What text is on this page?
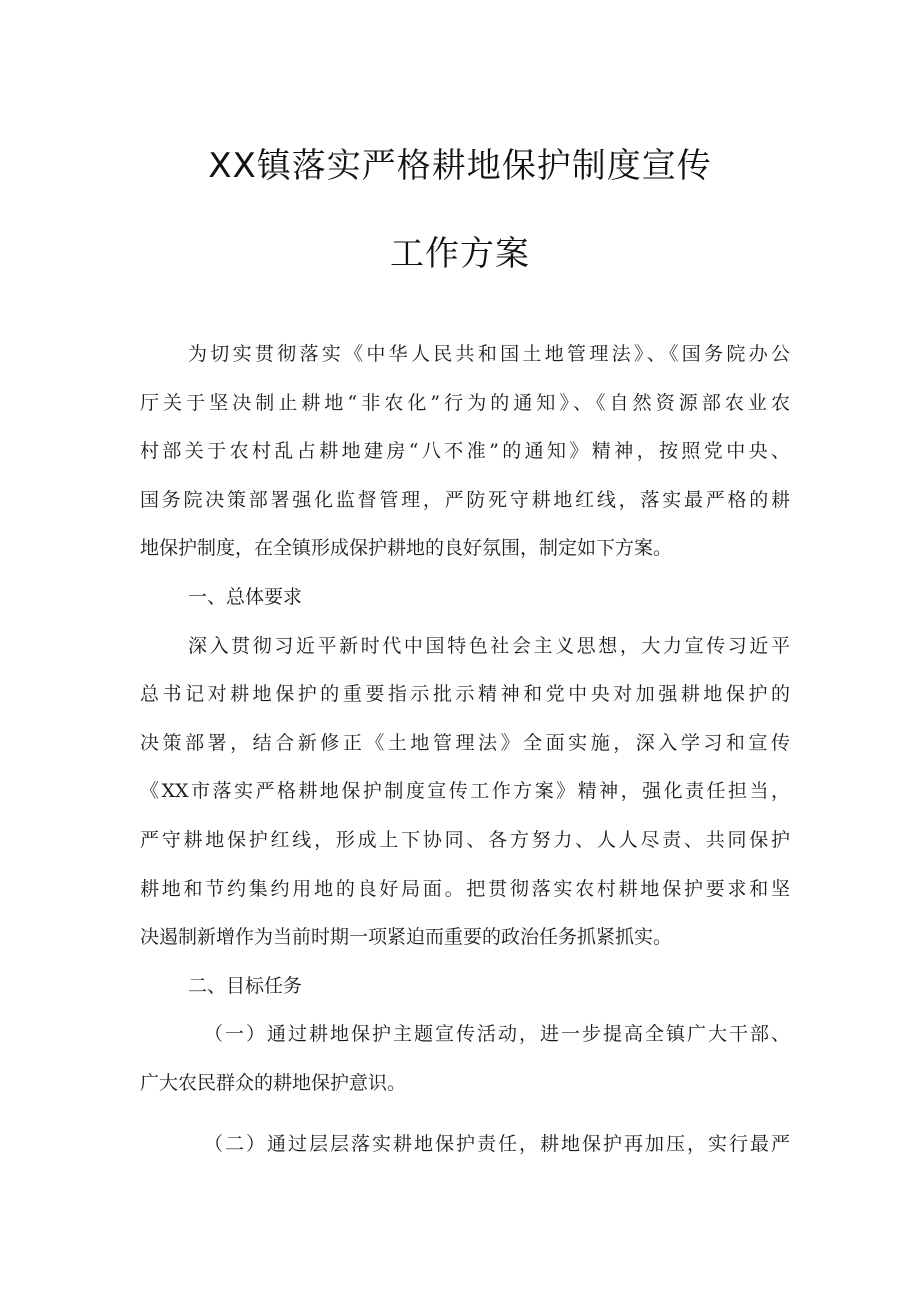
XX镇落实严格耕地保护制度宣传
工作方案
为切实贯彻落实《中华人民共和国土地管理法》、《国务院办公
厅关于坚决制止耕地“非农化”行为的通知》、《自然资源部农业农
村部关于农村乱占耕地建房“八不准”的通知》精神，按照党中央、
国务院决策部署强化监督管理，严防死守耕地红线，落实最严格的耕
地保护制度，在全镇形成保护耕地的良好氛围，制定如下方案。
一、总体要求
深入贯彻习近平新时代中国特色社会主义思想，大力宣传习近平
总书记对耕地保护的重要指示批示精神和党中央对加强耕地保护的
决策部署，结合新修正《土地管理法》全面实施，深入学习和宣传
《XX市落实严格耕地保护制度宣传工作方案》精神，强化责任担当，
严守耕地保护红线，形成上下协同、各方努力、人人尽责、共同保护
耕地和节约集约用地的良好局面。把贯彻落实农村耕地保护要求和坚
决遏制新增作为当前时期一项紧迫而重要的政治任务抓紧抓实。
二、目标任务
（一）通过耕地保护主题宣传活动，进一步提高全镇广大干部、
广大农民群众的耕地保护意识。
（二）通过层层落实耕地保护责任，耕地保护再加压，实行最严
